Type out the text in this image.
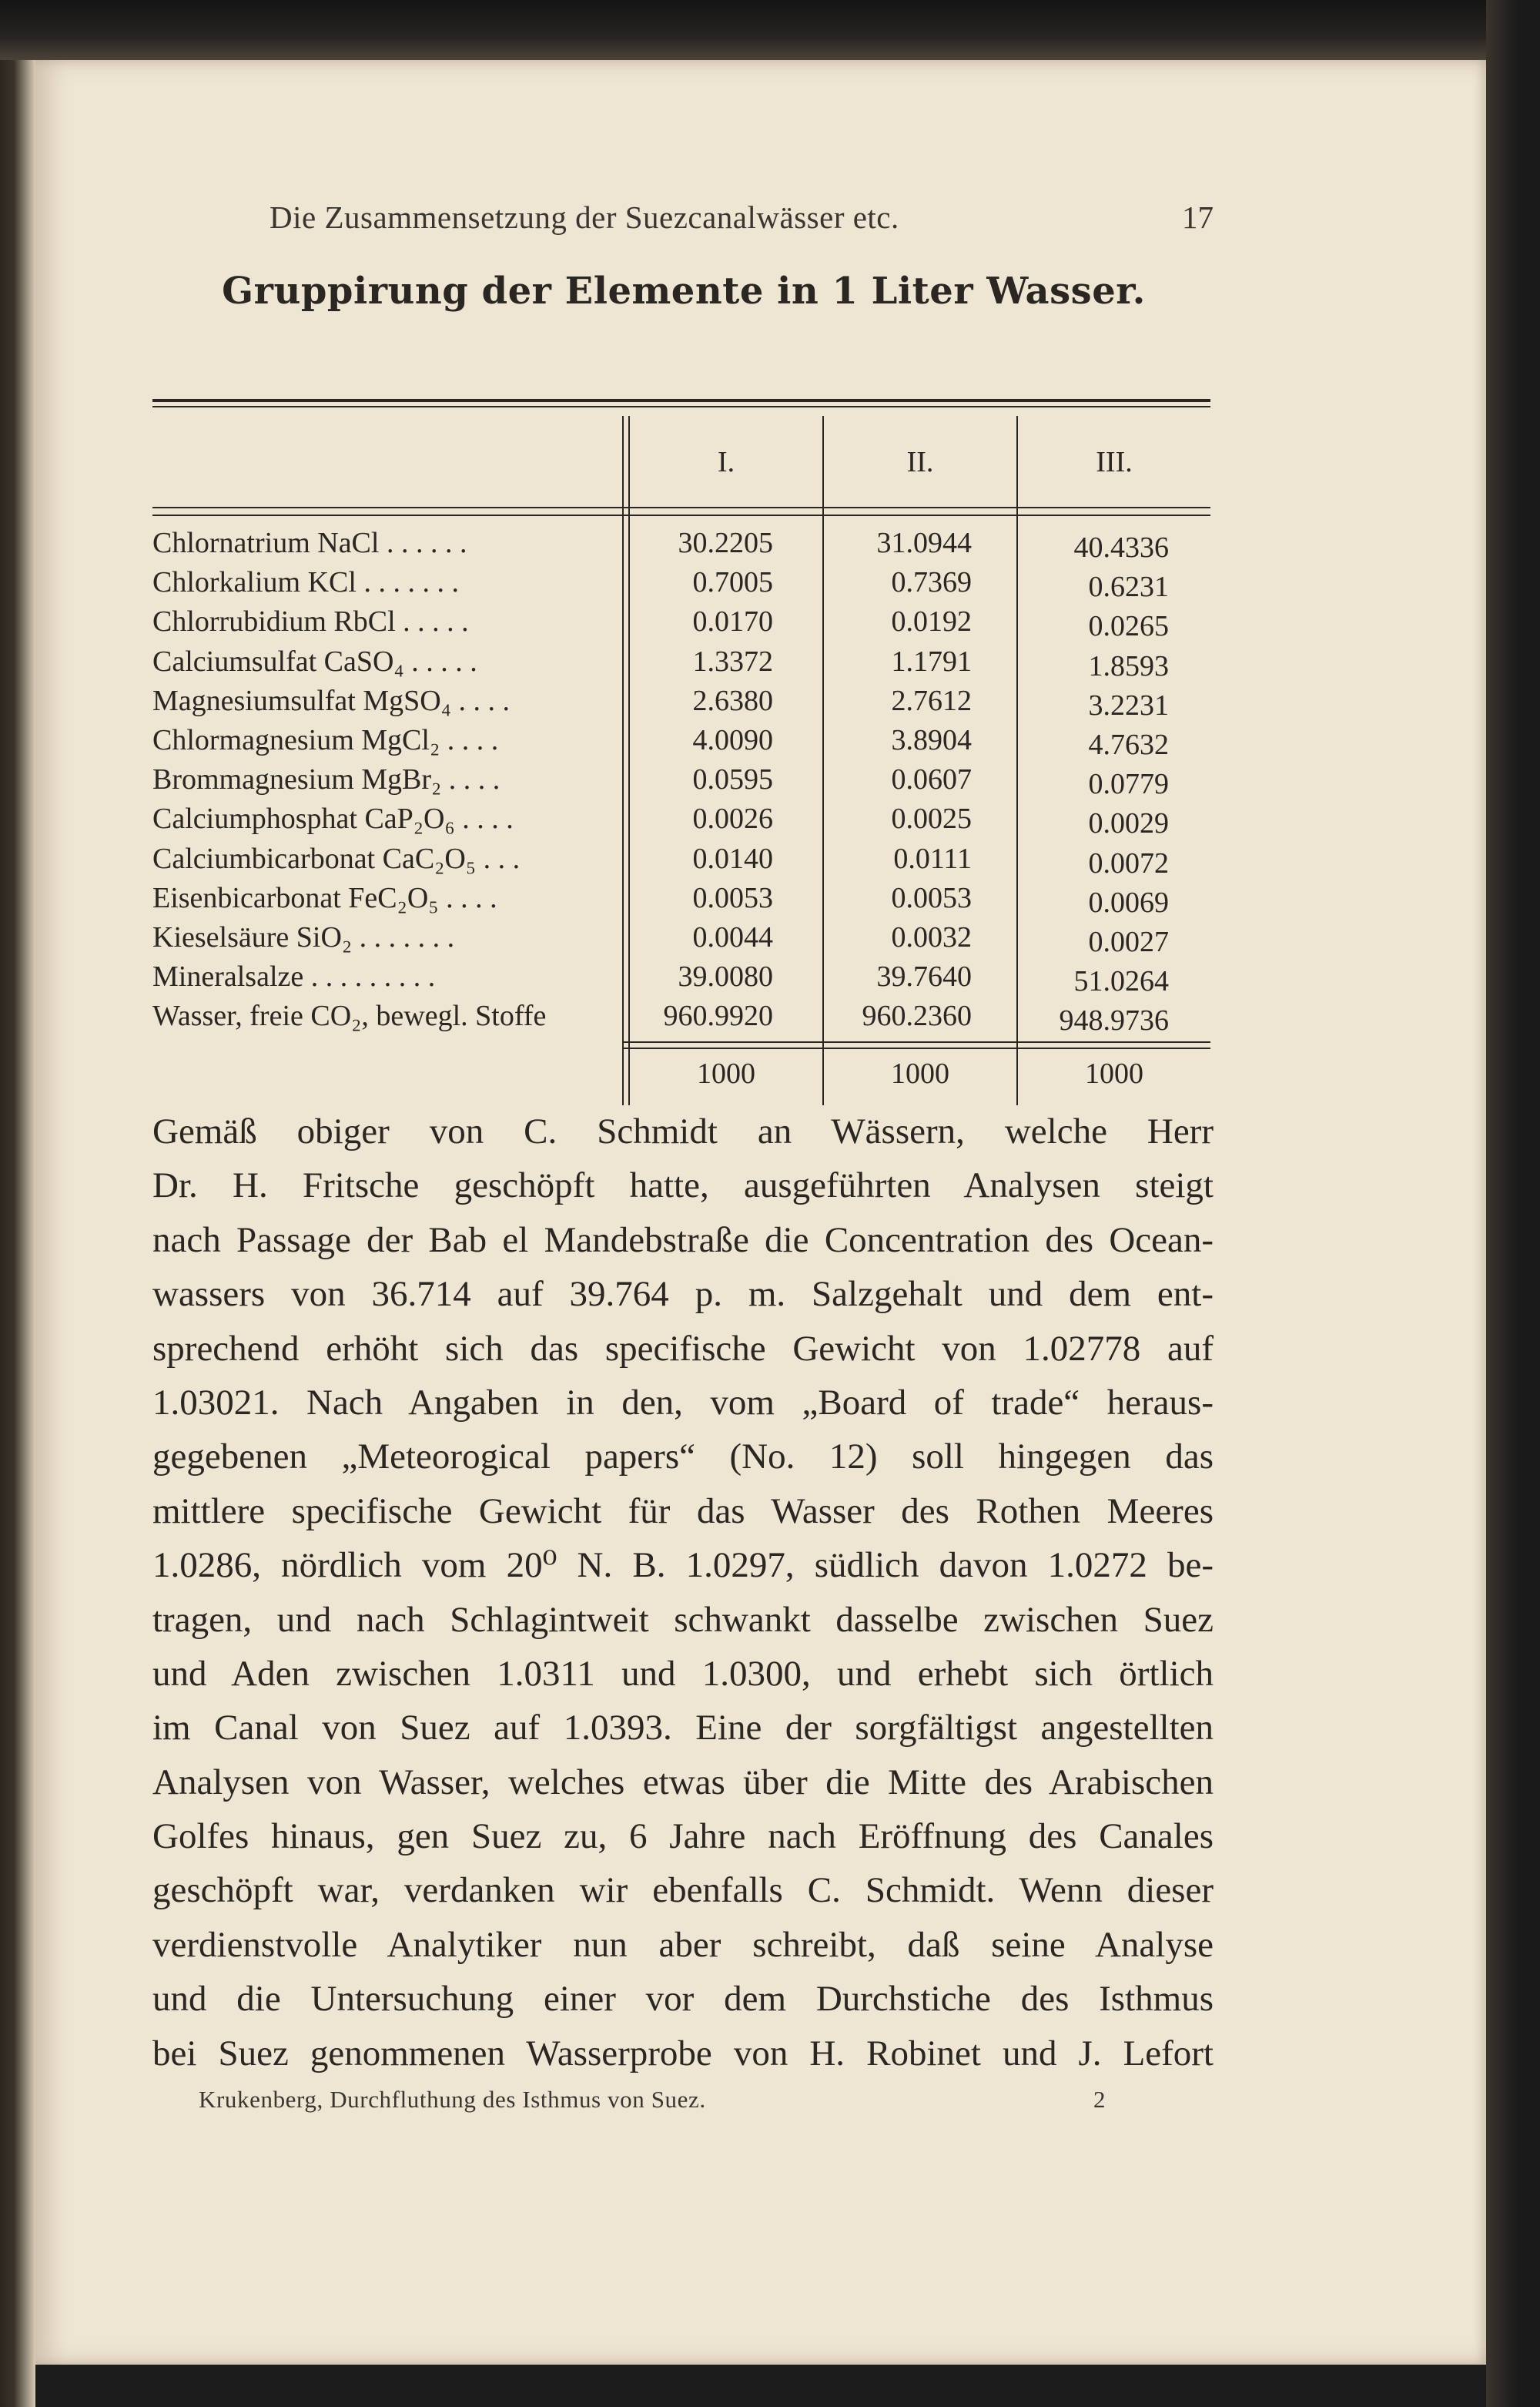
Die Zusammensetzung der Suezcanalwässer etc.	17
Gruppirung der Elemente in 1 Liter Wasser.
I.	II.	III.
Chlornatrium NaCl . . . . . .	30.2205	31.0944	40.4336
Chlorkalium KCl . . . . . . .	0.7005	0.7369	0.6231
Chlorrubidium RbCl . . . . .	0.0170	0.0192	0.0265
Calciumsulfat CaSO₄ . . . . .	1.3372	1.1791	1.8593
Magnesiumsulfat MgSO₄ . . . .	2.6380	2.7612	3.2231
Chlormagnesium MgCl₂ . . . .	4.0090	3.8904	4.7632
Brommagnesium MgBr₂ . . . .	0.0595	0.0607	0.0779
Calciumphosphat CaP₂O₆ . . . .	0.0026	0.0025	0.0029
Calciumbicarbonat CaC₂O₅ . . .	0.0140	0.0111	0.0072
Eisenbicarbonat FeC₂O₅ . . . .	0.0053	0.0053	0.0069
Kieselsäure SiO₂ . . . . . . .	0.0044	0.0032	0.0027
Mineralsalze . . . . . . . . .	39.0080	39.7640	51.0264
Wasser, freie CO₂, bewegl. Stoffe	960.9920	960.2360	948.9736
1000	1000	1000
Gemäß obiger von C. Schmidt an Wässern, welche Herr
Dr. H. Fritsche geschöpft hatte, ausgeführten Analysen steigt
nach Passage der Bab el Mandebstraße die Concentration des Ocean-
wassers von 36.714 auf 39.764 p. m. Salzgehalt und dem ent-
sprechend erhöht sich das specifische Gewicht von 1.02778 auf
1.03021. Nach Angaben in den, vom „Board of trade“ heraus-
gegebenen „Meteorogical papers“ (No. 12) soll hingegen das
mittlere specifische Gewicht für das Wasser des Rothen Meeres
1.0286, nördlich vom 20⁰ N. B. 1.0297, südlich davon 1.0272 be-
tragen, und nach Schlagintweit schwankt dasselbe zwischen Suez
und Aden zwischen 1.0311 und 1.0300, und erhebt sich örtlich
im Canal von Suez auf 1.0393. Eine der sorgfältigst angestellten
Analysen von Wasser, welches etwas über die Mitte des Arabischen
Golfes hinaus, gen Suez zu, 6 Jahre nach Eröffnung des Canales
geschöpft war, verdanken wir ebenfalls C. Schmidt. Wenn dieser
verdienstvolle Analytiker nun aber schreibt, daß seine Analyse
und die Untersuchung einer vor dem Durchstiche des Isthmus
bei Suez genommenen Wasserprobe von H. Robinet und J. Lefort
Krukenberg, Durchfluthung des Isthmus von Suez.	2
